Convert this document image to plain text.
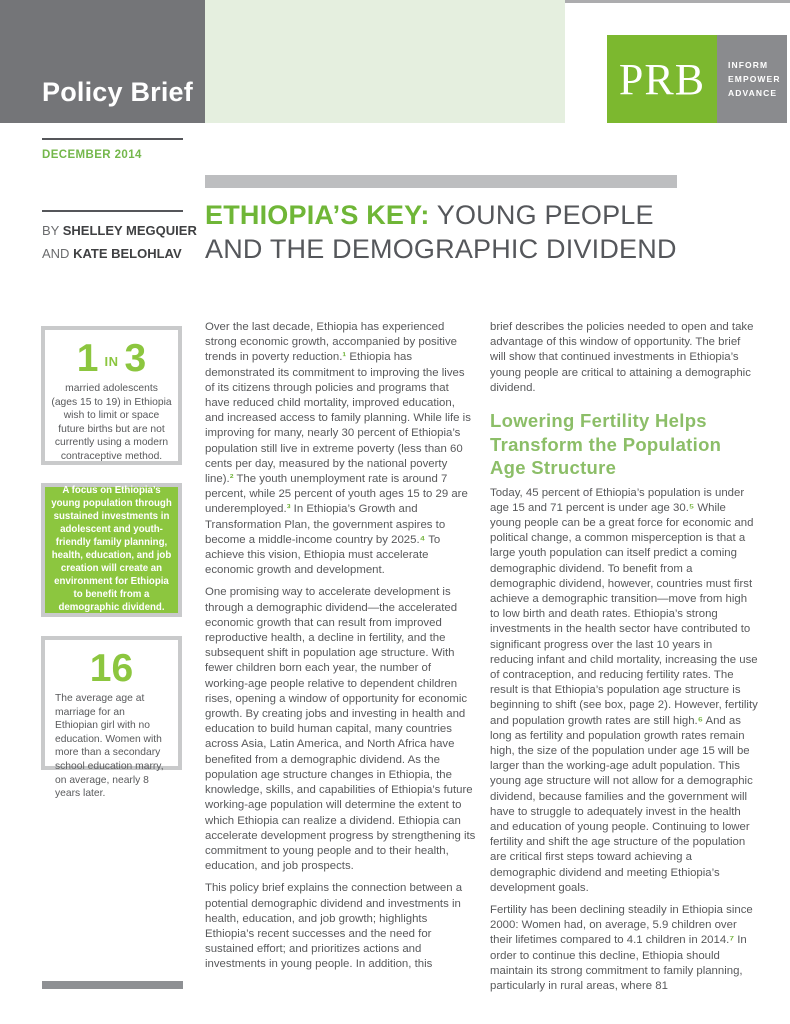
Policy Brief	PRB	INFORM
EMPOWER
ADVANCE
DECEMBER 2014
BY SHELLEY MEGQUIER
AND KATE BELOHLAV
1 IN 3
married adolescents (ages 15 to 19) in Ethiopia wish to limit or space future births but are not currently using a modern contraceptive method.
A focus on Ethiopia’s young population through sustained investments in adolescent and youth-friendly family planning, health, education, and job creation will create an environment for Ethiopia to benefit from a demographic dividend.
16
The average age at marriage for an Ethiopian girl with no education. Women with more than a secondary school education marry, on average, nearly 8 years later.
ETHIOPIA’S KEY: YOUNG PEOPLE
AND THE DEMOGRAPHIC DIVIDEND

Over the last decade, Ethiopia has experienced strong economic growth, accompanied by positive trends in poverty reduction.¹ Ethiopia has demonstrated its commitment to improving the lives of its citizens through policies and programs that have reduced child mortality, improved education, and increased access to family planning. While life is improving for many, nearly 30 percent of Ethiopia’s population still live in extreme poverty (less than 60 cents per day, measured by the national poverty line).² The youth unemployment rate is around 7 percent, while 25 percent of youth ages 15 to 29 are underemployed.³ In Ethiopia’s Growth and Transformation Plan, the government aspires to become a middle-income country by 2025.⁴ To achieve this vision, Ethiopia must accelerate economic growth and development.

One promising way to accelerate development is through a demographic dividend—the accelerated economic growth that can result from improved reproductive health, a decline in fertility, and the subsequent shift in population age structure. With fewer children born each year, the number of working-age people relative to dependent children rises, opening a window of opportunity for economic growth. By creating jobs and investing in health and education to build human capital, many countries across Asia, Latin America, and North Africa have benefited from a demographic dividend. As the population age structure changes in Ethiopia, the knowledge, skills, and capabilities of Ethiopia’s future working-age population will determine the extent to which Ethiopia can realize a dividend. Ethiopia can accelerate development progress by strengthening its commitment to young people and to their health, education, and job prospects.

This policy brief explains the connection between a potential demographic dividend and investments in health, education, and job growth; highlights Ethiopia’s recent successes and the need for sustained effort; and prioritizes actions and investments in young people. In addition, this

brief describes the policies needed to open and take advantage of this window of opportunity. The brief will show that continued investments in Ethiopia’s young people are critical to attaining a demographic dividend.

Lowering Fertility Helps Transform the Population Age Structure

Today, 45 percent of Ethiopia’s population is under age 15 and 71 percent is under age 30.⁵ While young people can be a great force for economic and political change, a common misperception is that a large youth population can itself predict a coming demographic dividend. To benefit from a demographic dividend, however, countries must first achieve a demographic transition—move from high to low birth and death rates. Ethiopia’s strong investments in the health sector have contributed to significant progress over the last 10 years in reducing infant and child mortality, increasing the use of contraception, and reducing fertility rates. The result is that Ethiopia’s population age structure is beginning to shift (see box, page 2). However, fertility and population growth rates are still high.⁶ And as long as fertility and population growth rates remain high, the size of the population under age 15 will be larger than the working-age adult population. This young age structure will not allow for a demographic dividend, because families and the government will have to struggle to adequately invest in the health and education of young people. Continuing to lower fertility and shift the age structure of the population are critical first steps toward achieving a demographic dividend and meeting Ethiopia’s development goals.

Fertility has been declining steadily in Ethiopia since 2000: Women had, on average, 5.9 children over their lifetimes compared to 4.1 children in 2014.⁷ In order to continue this decline, Ethiopia should maintain its strong commitment to family planning, particularly in rural areas, where 81
